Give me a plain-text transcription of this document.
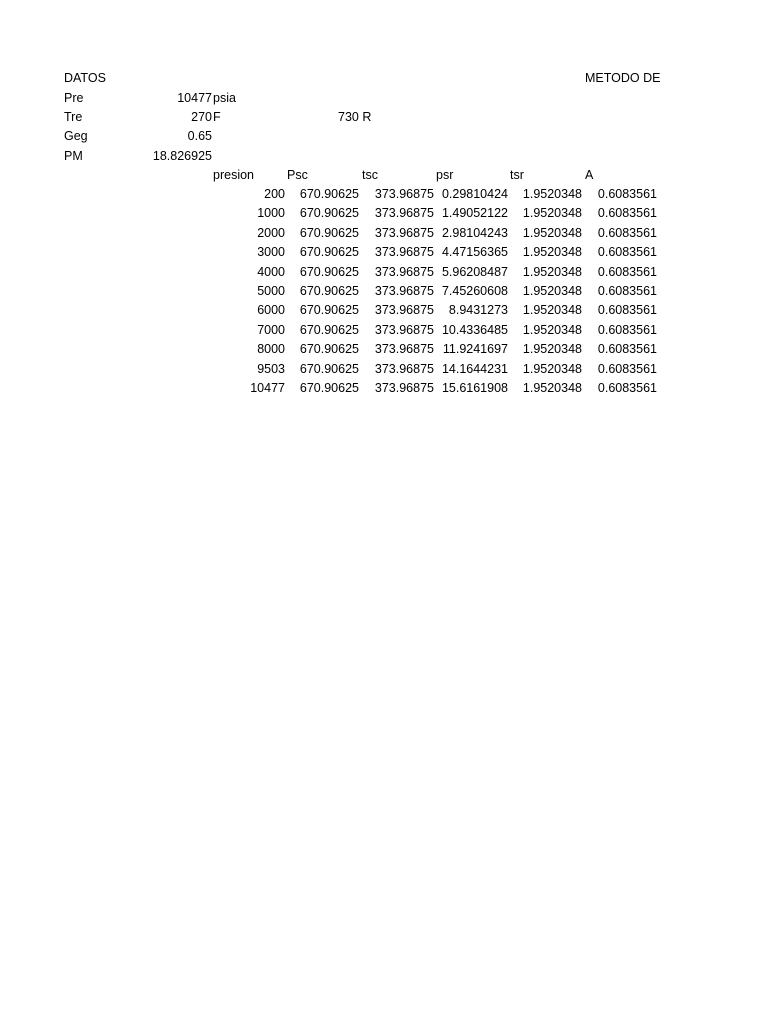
DATOS	METODO DE
Pre	10477 psia
Tre	270 F	730 R
Geg	0.65
PM	18.826925
presion	Psc	tsc	psr	tsr	A
200	670.90625	373.96875 0.29810424	1.9520348	0.6083561
1000	670.90625	373.96875 1.49052122	1.9520348	0.6083561
2000	670.90625	373.96875 2.98104243	1.9520348	0.6083561
3000	670.90625	373.96875 4.47156365	1.9520348	0.6083561
4000	670.90625	373.96875 5.96208487	1.9520348	0.6083561
5000	670.90625	373.96875 7.45260608	1.9520348	0.6083561
6000	670.90625	373.96875	8.9431273	1.9520348	0.6083561
7000	670.90625	373.96875 10.4336485	1.9520348	0.6083561
8000	670.90625	373.96875 11.9241697	1.9520348	0.6083561
9503	670.90625	373.96875 14.1644231	1.9520348	0.6083561
10477	670.90625	373.96875 15.6161908	1.9520348	0.6083561
